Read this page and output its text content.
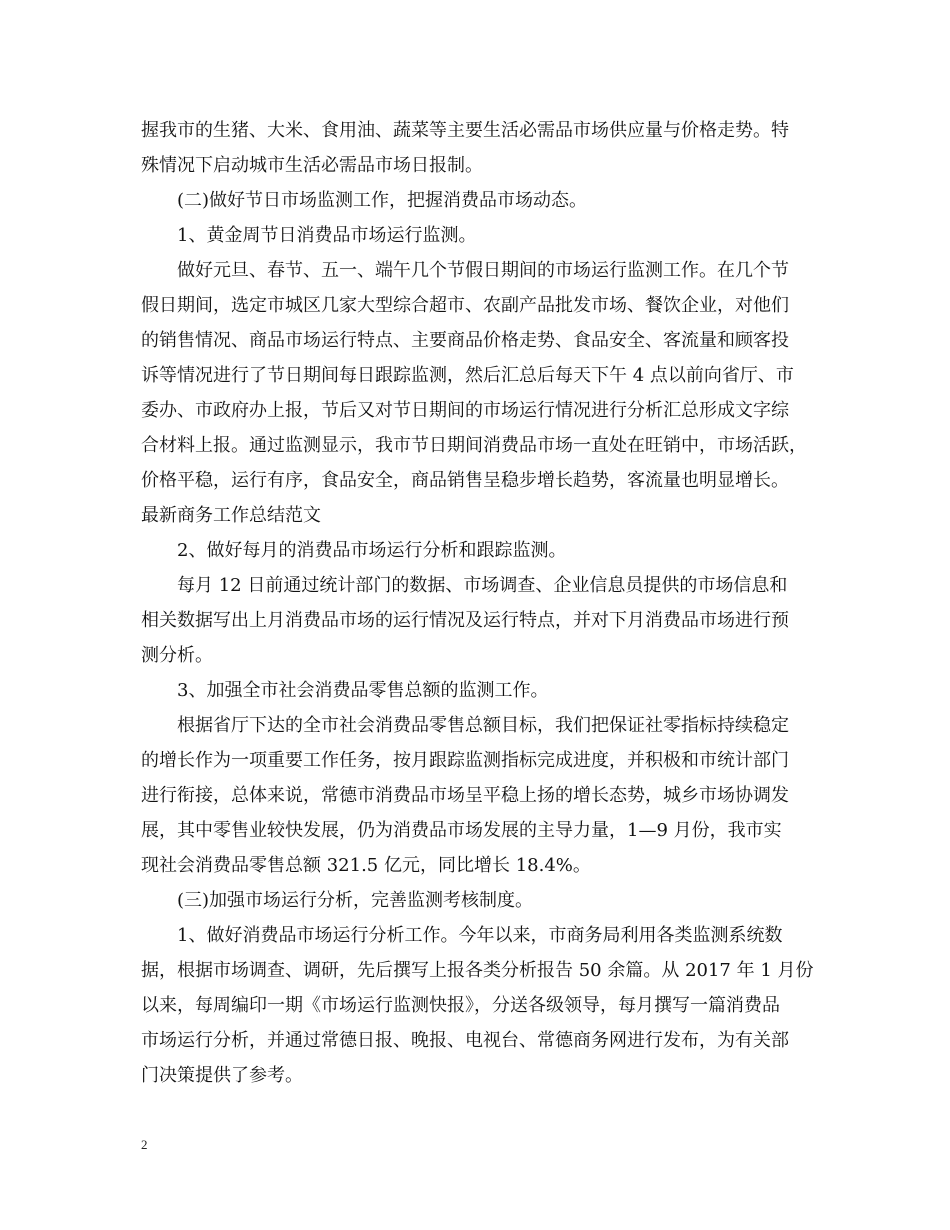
握我市的生猪、大米、食用油、蔬菜等主要生活必需品市场供应量与价格走势。特
殊情况下启动城市生活必需品市场日报制。
(二)做好节日市场监测工作，把握消费品市场动态。
1、黄金周节日消费品市场运行监测。
做好元旦、春节、五一、端午几个节假日期间的市场运行监测工作。在几个节
假日期间，选定市城区几家大型综合超市、农副产品批发市场、餐饮企业，对他们
的销售情况、商品市场运行特点、主要商品价格走势、食品安全、客流量和顾客投
诉等情况进行了节日期间每日跟踪监测，然后汇总后每天下午 4 点以前向省厅、市
委办、市政府办上报，节后又对节日期间的市场运行情况进行分析汇总形成文字综
合材料上报。通过监测显示，我市节日期间消费品市场一直处在旺销中，市场活跃，
价格平稳，运行有序，食品安全，商品销售呈稳步增长趋势，客流量也明显增长。
最新商务工作总结范文
2、做好每月的消费品市场运行分析和跟踪监测。
每月 12 日前通过统计部门的数据、市场调查、企业信息员提供的市场信息和
相关数据写出上月消费品市场的运行情况及运行特点，并对下月消费品市场进行预
测分析。
3、加强全市社会消费品零售总额的监测工作。
根据省厅下达的全市社会消费品零售总额目标，我们把保证社零指标持续稳定
的增长作为一项重要工作任务，按月跟踪监测指标完成进度，并积极和市统计部门
进行衔接，总体来说，常德市消费品市场呈平稳上扬的增长态势，城乡市场协调发
展，其中零售业较快发展，仍为消费品市场发展的主导力量，1—9 月份，我市实
现社会消费品零售总额 321.5 亿元，同比增长 18.4%。
(三)加强市场运行分析，完善监测考核制度。
1、做好消费品市场运行分析工作。今年以来，市商务局利用各类监测系统数
据，根据市场调查、调研，先后撰写上报各类分析报告 50 余篇。从 2017 年 1 月份
以来，每周编印一期《市场运行监测快报》，分送各级领导，每月撰写一篇消费品
市场运行分析，并通过常德日报、晚报、电视台、常德商务网进行发布，为有关部
门决策提供了参考。
2
